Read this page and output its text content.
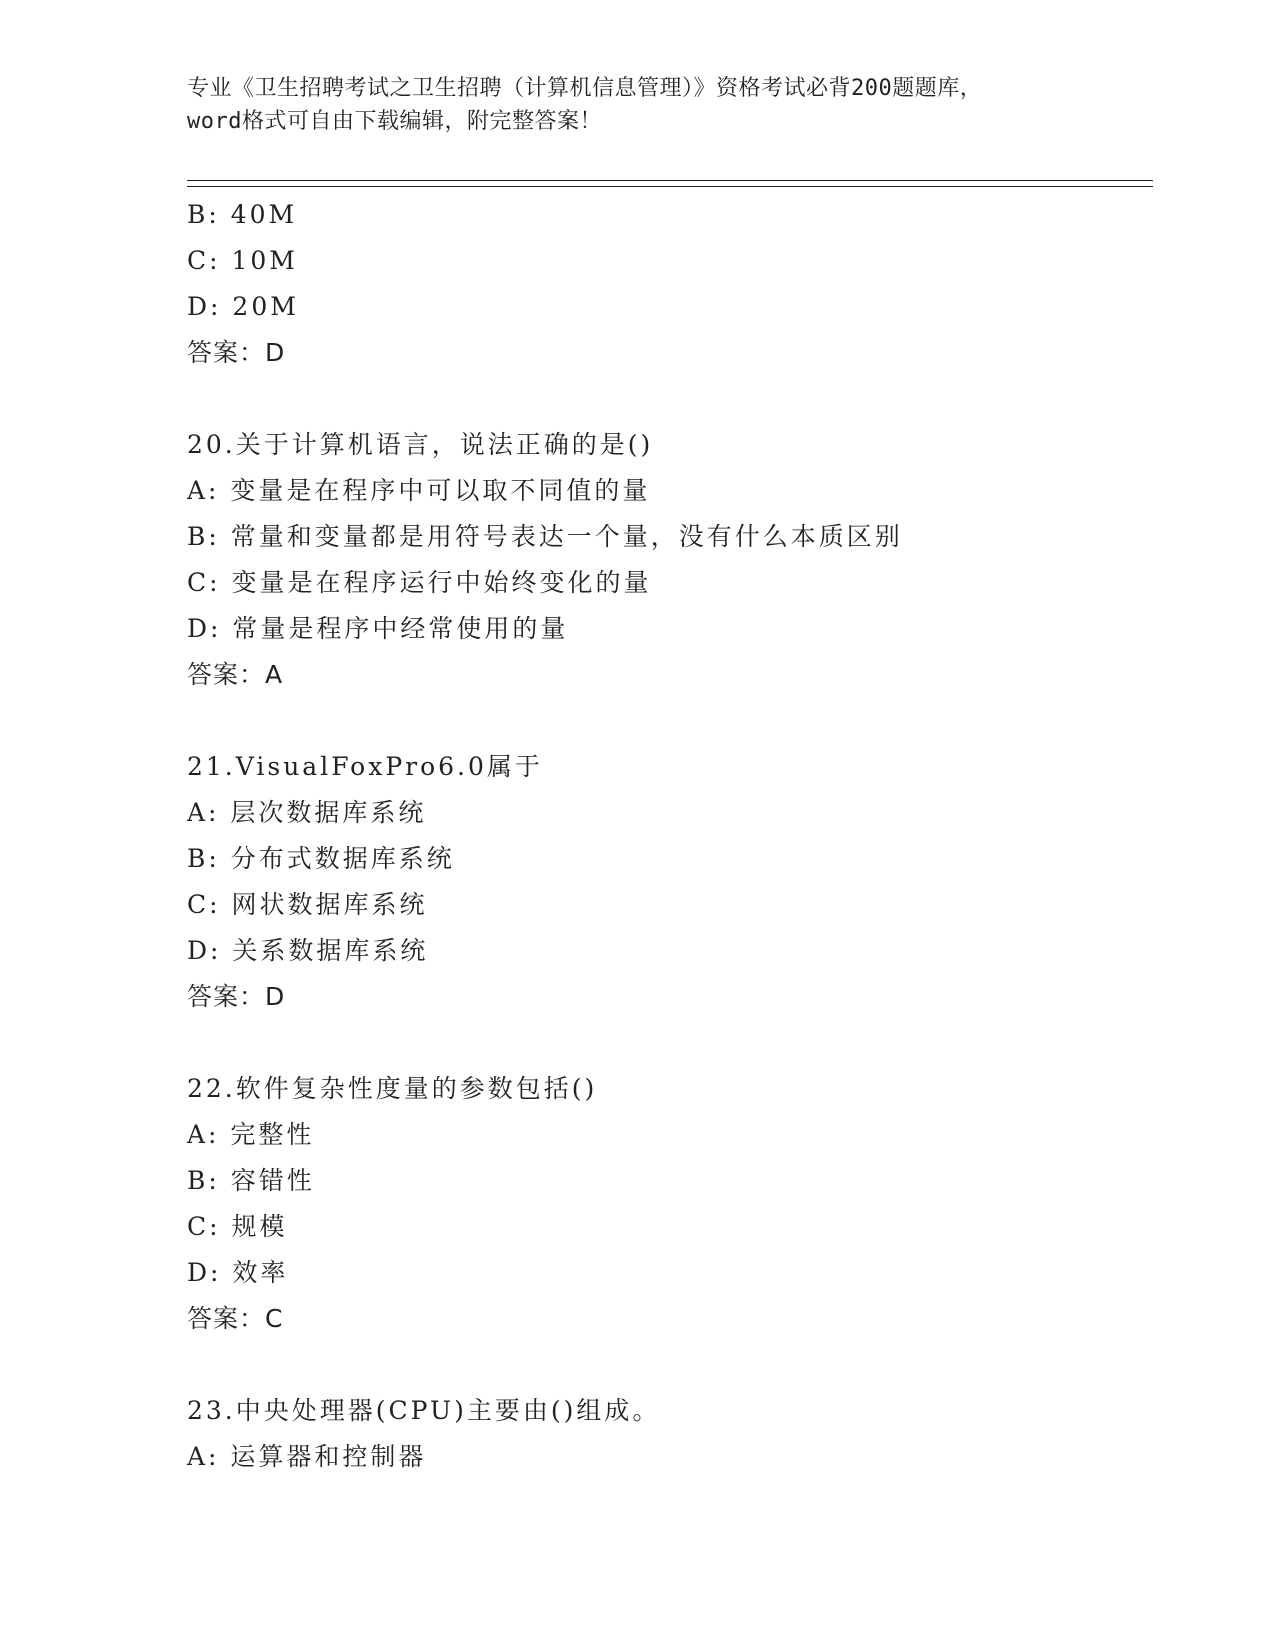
专业《卫生招聘考试之卫生招聘（计算机信息管理）》资格考试必背200题题库，
word格式可自由下载编辑，附完整答案！
B: 40M
C: 10M
D: 20M
答案：D
20.关于计算机语言，说法正确的是()
A: 变量是在程序中可以取不同值的量
B: 常量和变量都是用符号表达一个量，没有什么本质区别
C: 变量是在程序运行中始终变化的量
D: 常量是程序中经常使用的量
答案：A
21.VisualFoxPro6.0属于
A: 层次数据库系统
B: 分布式数据库系统
C: 网状数据库系统
D: 关系数据库系统
答案：D
22.软件复杂性度量的参数包括()
A: 完整性
B: 容错性
C: 规模
D: 效率
答案：C
23.中央处理器(CPU)主要由()组成。
A: 运算器和控制器
